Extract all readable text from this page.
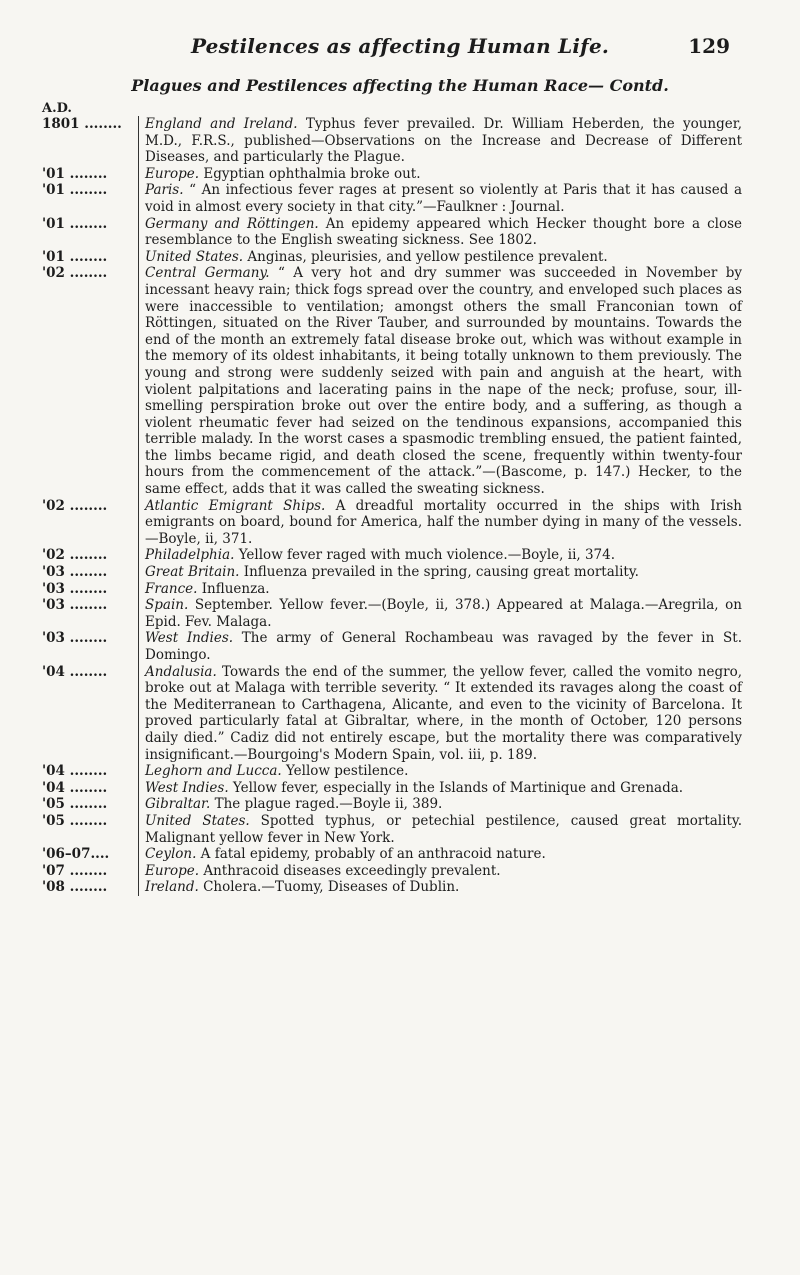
Pestilences as affecting Human Life.	129
Plagues and Pestilences affecting the Human Race— Contd.
A.D.
1801 ........	England and Ireland. Typhus fever prevailed. Dr. William Heberden, the younger, M.D., F.R.S., published—Observations on the Increase and Decrease of Different Diseases, and particularly the Plague.
'01 ........	Europe. Egyptian ophthalmia broke out.
'01 ........	Paris. “ An infectious fever rages at present so violently at Paris that it has caused a void in almost every society in that city.”—Faulkner : Journal.
'01 ........	Germany and Röttingen. An epidemy appeared which Hecker thought bore a close resemblance to the English sweating sickness. See 1802.
'01 ........	United States. Anginas, pleurisies, and yellow pestilence prevalent.
'02 ........	Central Germany. “ A very hot and dry summer was succeeded in November by incessant heavy rain; thick fogs spread over the country, and enveloped such places as were inaccessible to ventilation; amongst others the small Franconian town of Röttingen, situated on the River Tauber, and surrounded by mountains. Towards the end of the month an extremely fatal disease broke out, which was without example in the memory of its oldest inhabitants, it being totally unknown to them previously. The young and strong were suddenly seized with pain and anguish at the heart, with violent palpitations and lacerating pains in the nape of the neck; profuse, sour, ill-smelling perspiration broke out over the entire body, and a suffering, as though a violent rheumatic fever had seized on the tendinous expansions, accompanied this terrible malady. In the worst cases a spasmodic trembling ensued, the patient fainted, the limbs became rigid, and death closed the scene, frequently within twenty-four hours from the commencement of the attack.”—(Bascome, p. 147.) Hecker, to the same effect, adds that it was called the sweating sickness.
'02 ........	Atlantic Emigrant Ships. A dreadful mortality occurred in the ships with Irish emigrants on board, bound for America, half the number dying in many of the vessels.—Boyle, ii, 371.
'02 ........	Philadelphia. Yellow fever raged with much violence.—Boyle, ii, 374.
'03 ........	Great Britain. Influenza prevailed in the spring, causing great mortality.
'03 ........	France. Influenza.
'03 ........	Spain. September. Yellow fever.—(Boyle, ii, 378.) Appeared at Malaga.—Aregrila, on Epid. Fev. Malaga.
'03 ........	West Indies. The army of General Rochambeau was ravaged by the fever in St. Domingo.
'04 ........	Andalusia. Towards the end of the summer, the yellow fever, called the vomito negro, broke out at Malaga with terrible severity. “ It extended its ravages along the coast of the Mediterranean to Carthagena, Alicante, and even to the vicinity of Barcelona. It proved particularly fatal at Gibraltar, where, in the month of October, 120 persons daily died.” Cadiz did not entirely escape, but the mortality there was comparatively insignificant.—Bourgoing's Modern Spain, vol. iii, p. 189.
'04 ........	Leghorn and Lucca. Yellow pestilence.
'04 ........	West Indies. Yellow fever, especially in the Islands of Martinique and Grenada.
'05 ........	Gibraltar. The plague raged.—Boyle ii, 389.
'05 ........	United States. Spotted typhus, or petechial pestilence, caused great mortality. Malignant yellow fever in New York.
'06–07....	Ceylon. A fatal epidemy, probably of an anthracoid nature.
'07 ........	Europe. Anthracoid diseases exceedingly prevalent.
'08 ........	Ireland. Cholera.—Tuomy, Diseases of Dublin.
